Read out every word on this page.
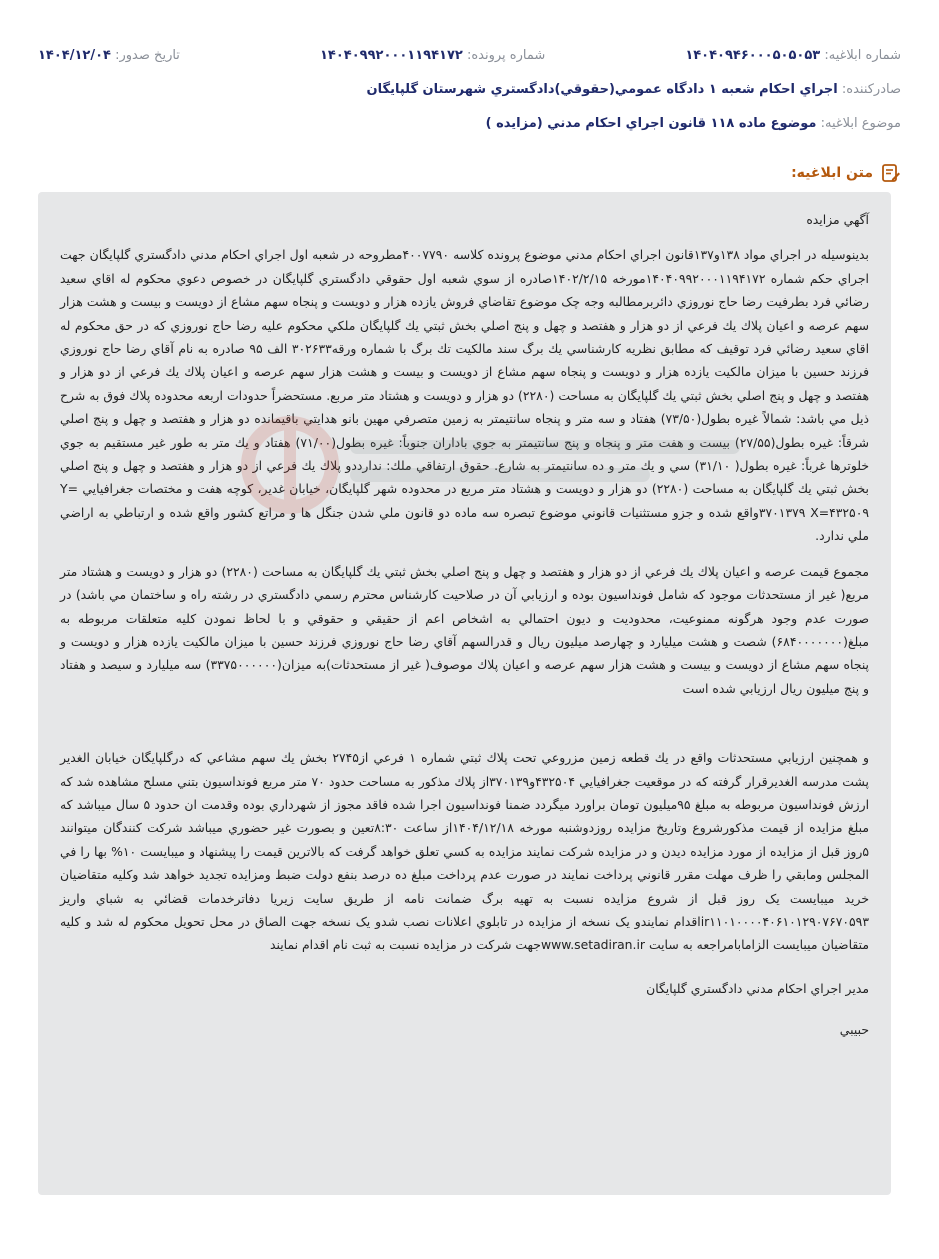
شماره ابلاغيه: ۱۴۰۴۰۹۴۶۰۰۰۵۰۵۰۵۳
شماره پرونده: ۱۴۰۴۰۹۹۲۰۰۰۱۱۹۴۱۷۲
تاريخ صدور: ۱۴۰۴/۱۲/۰۴
صادرکننده: اجراي احکام شعبه ۱ دادگاه عمومي(حقوقي)دادگستري شهرستان گلپايگان
موضوع ابلاغيه: موضوع ماده ۱۱۸ قانون اجراي احکام مدني (مزايده )
متن ابلاغيه:

آگهي مزايده

بدينوسيله در اجراي مواد ۱۳۸و۱۳۷قانون اجراي احکام مدني موضوع پرونده کلاسه ۴۰۰۷۷۹۰مطروحه در شعبه اول اجراي احکام مدني دادگستري گلپايگان جهت اجراي حکم شماره ۱۴۰۴۰۹۹۲۰۰۰۱۱۹۴۱۷۲مورخه ۱۴۰۲/۲/۱۵صادره از سوي شعبه اول حقوقي دادگستري گلپايگان در خصوص دعوي محکوم له اقاي سعيد رضائي فرد بطرفيت رضا حاج نوروزي دائربرمطالبه وجه چک موضوع تقاضاي فروش يازده هزار و دويست و پنجاه سهم مشاع از دويست و بيست و هشت هزار سهم عرصه و اعيان پلاك يك فرعي از دو هزار و هفتصد و چهل و پنج اصلي بخش ثبتي يك گلپايگان ملکي محکوم عليه رضا حاج نوروزي که در حق محکوم له اقاي سعيد رضائي فرد توقيف که مطابق نظريه کارشناسي يك برگ سند مالکيت تك برگ با شماره ورقه۳۰۲۶۳۳ الف ۹۵ صادره به نام آقاي رضا حاج نوروزي فرزند حسين با ميزان مالکيت يازده هزار و دويست و پنجاه سهم مشاع از دويست و بيست و هشت هزار سهم عرصه و اعيان پلاك يك فرعي از دو هزار و هفتصد و چهل و پنج اصلي بخش ثبتي يك گلپايگان به مساحت (۲۲۸۰) دو هزار و دويست و هشتاد متر مربع. مستحضراً حدودات اربعه محدوده پلاك فوق به شرح ذيل مي باشد: شمالاً غيره بطول(۷۳/۵۰) هفتاد و سه متر و پنجاه سانتيمتر به زمين متصرفي مهين بانو هدايتي باقيمانده دو هزار و هفتصد و چهل و پنج اصلي شرقاً: غيره بطول(۲۷/۵۵) بيست و هفت متر و پنجاه و پنج سانتيمتر به جوي باداران جنوباً: غيره بطول(۷۱/۰۰) هفتاد و يك متر به طور غير مستقيم به جوي خلوترها غرباً: غيره بطول( ۳۱/۱۰) سي و يك متر و ده سانتيمتر به شارع. حقوق ارتفاقي ملك: ندارددو پلاك يك فرعي از دو هزار و هفتصد و چهل و پنج اصلي بخش ثبتي يك گلپايگان به مساحت (۲۲۸۰) دو هزار و دويست و هشتاد متر مربع در محدوده شهر گلپايگان، خيابان غدير، کوچه هفت و مختصات جغرافيايي Y= ۳۷۰۱۳۷۹ X=۴۳۲۵۰۹واقع شده و جزو مستثنيات قانوني موضوع تبصره سه ماده دو قانون ملي شدن جنگل ها و مراتع کشور واقع شده و ارتباطي به اراضي ملي ندارد.

مجموع قيمت عرصه و اعيان پلاك يك فرعي از دو هزار و هفتصد و چهل و پنج اصلي بخش ثبتي يك گلپايگان به مساحت (۲۲۸۰) دو هزار و دويست و هشتاد متر مربع( غير از مستحدثات موجود که شامل فونداسيون بوده و ارزيابي آن در صلاحيت کارشناس محترم رسمي دادگستري در رشته راه و ساختمان مي باشد) در صورت عدم وجود هرگونه ممنوعيت، محدوديت و ديون احتمالي به اشخاص اعم از حقيقي و حقوقي و با لحاظ نمودن کليه متعلقات مربوطه به مبلغ(۶۸۴۰۰۰۰۰۰۰) شصت و هشت ميليارد و چهارصد ميليون ريال و قدرالسهم آقاي رضا حاج نوروزي فرزند حسين با ميزان مالکيت يازده هزار و دويست و پنجاه سهم مشاع از دويست و بيست و هشت هزار سهم عرصه و اعيان پلاك موصوف( غير از مستحدثات)به ميزان(۳۳۷۵۰۰۰۰۰۰) سه ميليارد و سيصد و هفتاد و پنج ميليون ريال ارزيابي شده است

و همچنين ارزيابي مستحدثات واقع در يك قطعه زمين مزروعي تحت پلاك ثبتي شماره ۱ فرعي از۲۷۴۵ بخش يك سهم مشاعي که درگلپايگان خيابان الغدير پشت مدرسه الغديرقرار گرفته که در موقعيت جغرافيايي ۴۳۲۵۰۴و۳۷۰۱۳۹از پلاك مذکور به مساحت حدود ۷۰ متر مربع فونداسيون بتني مسلح مشاهده شد که ارزش فونداسيون مربوطه به مبلغ ۹۵ميليون تومان براورد ميگردد ضمنا فونداسيون اجرا شده فاقد مجوز از شهرداري بوده وقدمت ان حدود ۵ سال ميباشد که مبلغ مزايده از قيمت مذکورشروع وتاريخ مزايده روزدوشنبه مورخه ۱۴۰۴/۱۲/۱۸از ساعت ۸:۳۰تعين و بصورت غير حضوري ميباشد شرکت کنندگان ميتوانند ۵روز قبل از مزايده از مورد مزايده ديدن و در مزايده شرکت نمايند مزايده به کسي تعلق خواهد گرفت که بالاترين قيمت را پيشنهاد و ميبايست ۱۰% بها را في المجلس ومابقي را ظرف مهلت مقرر قانوني پرداخت نمايند در صورت عدم پرداخت مبلغ ده درصد بنفع دولت ضبط ومزايده تجديد خواهد شد وکليه متقاضيان خريد ميبايست يک روز قبل از شروع مزايده نسبت به تهيه برگ ضمانت نامه از طريق سايت زيريا دفاترخدمات قضائي به شباي واريز ir۱۱۰۱۰۰۰۰۴۰۶۱۰۱۲۹۰۷۶۷۰۵۹۳اقدام نمايندو يک نسخه از مزايده در تابلوي اعلانات نصب شدو يک نسخه جهت الصاق در محل تحويل محکوم له شد و کليه متقاضيان ميبايست الزامابامراجعه به سايت www.setadiran.irجهت شرکت در مزايده نسبت به ثبت نام اقدام نمايند

مدير اجراي احکام مدني دادگستري گلپايگان

حبيبي
